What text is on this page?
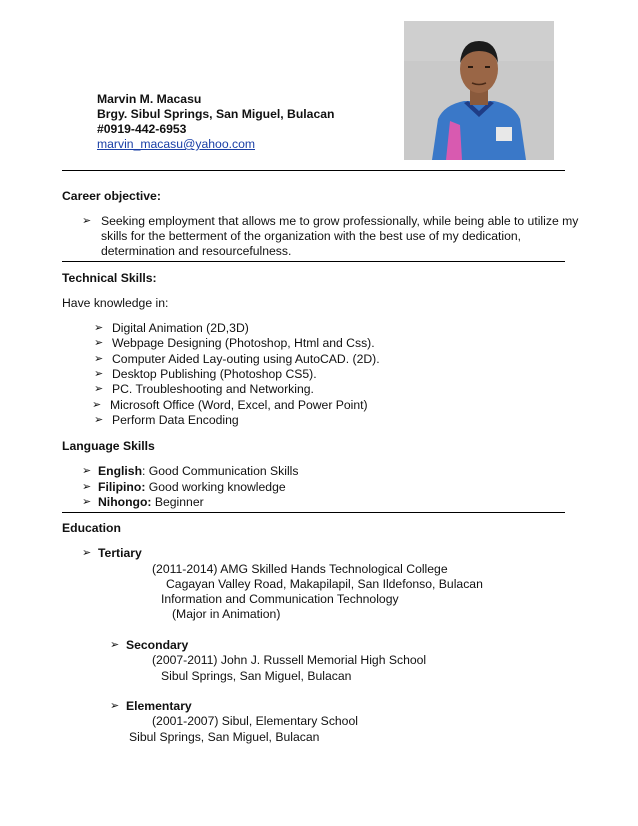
Marvin M. Macasu
Brgy. Sibul Springs, San Miguel, Bulacan
#0919-442-6953
marvin_macasu@yahoo.com
Career objective:
➢ Seeking employment that allows me to grow professionally, while being able to utilize my
skills for the betterment of the organization with the best use of my dedication,
determination and resourcefulness.
Technical Skills:
Have knowledge in:
➢ Digital Animation (2D,3D)
➢ Webpage Designing (Photoshop, Html and Css).
➢ Computer Aided Lay-outing using AutoCAD. (2D).
➢ Desktop Publishing (Photoshop CS5).
➢ PC. Troubleshooting and Networking.
➢ Microsoft Office (Word, Excel, and Power Point)
➢ Perform Data Encoding
Language Skills
➢ English: Good Communication Skills
➢ Filipino: Good working knowledge
➢ Nihongo: Beginner
Education
➢ Tertiary
(2011-2014) AMG Skilled Hands Technological College
Cagayan Valley Road, Makapilapil, San Ildefonso, Bulacan
Information and Communication Technology
(Major in Animation)
➢ Secondary
(2007-2011) John J. Russell Memorial High School
Sibul Springs, San Miguel, Bulacan
➢ Elementary
(2001-2007) Sibul, Elementary School
Sibul Springs, San Miguel, Bulacan
